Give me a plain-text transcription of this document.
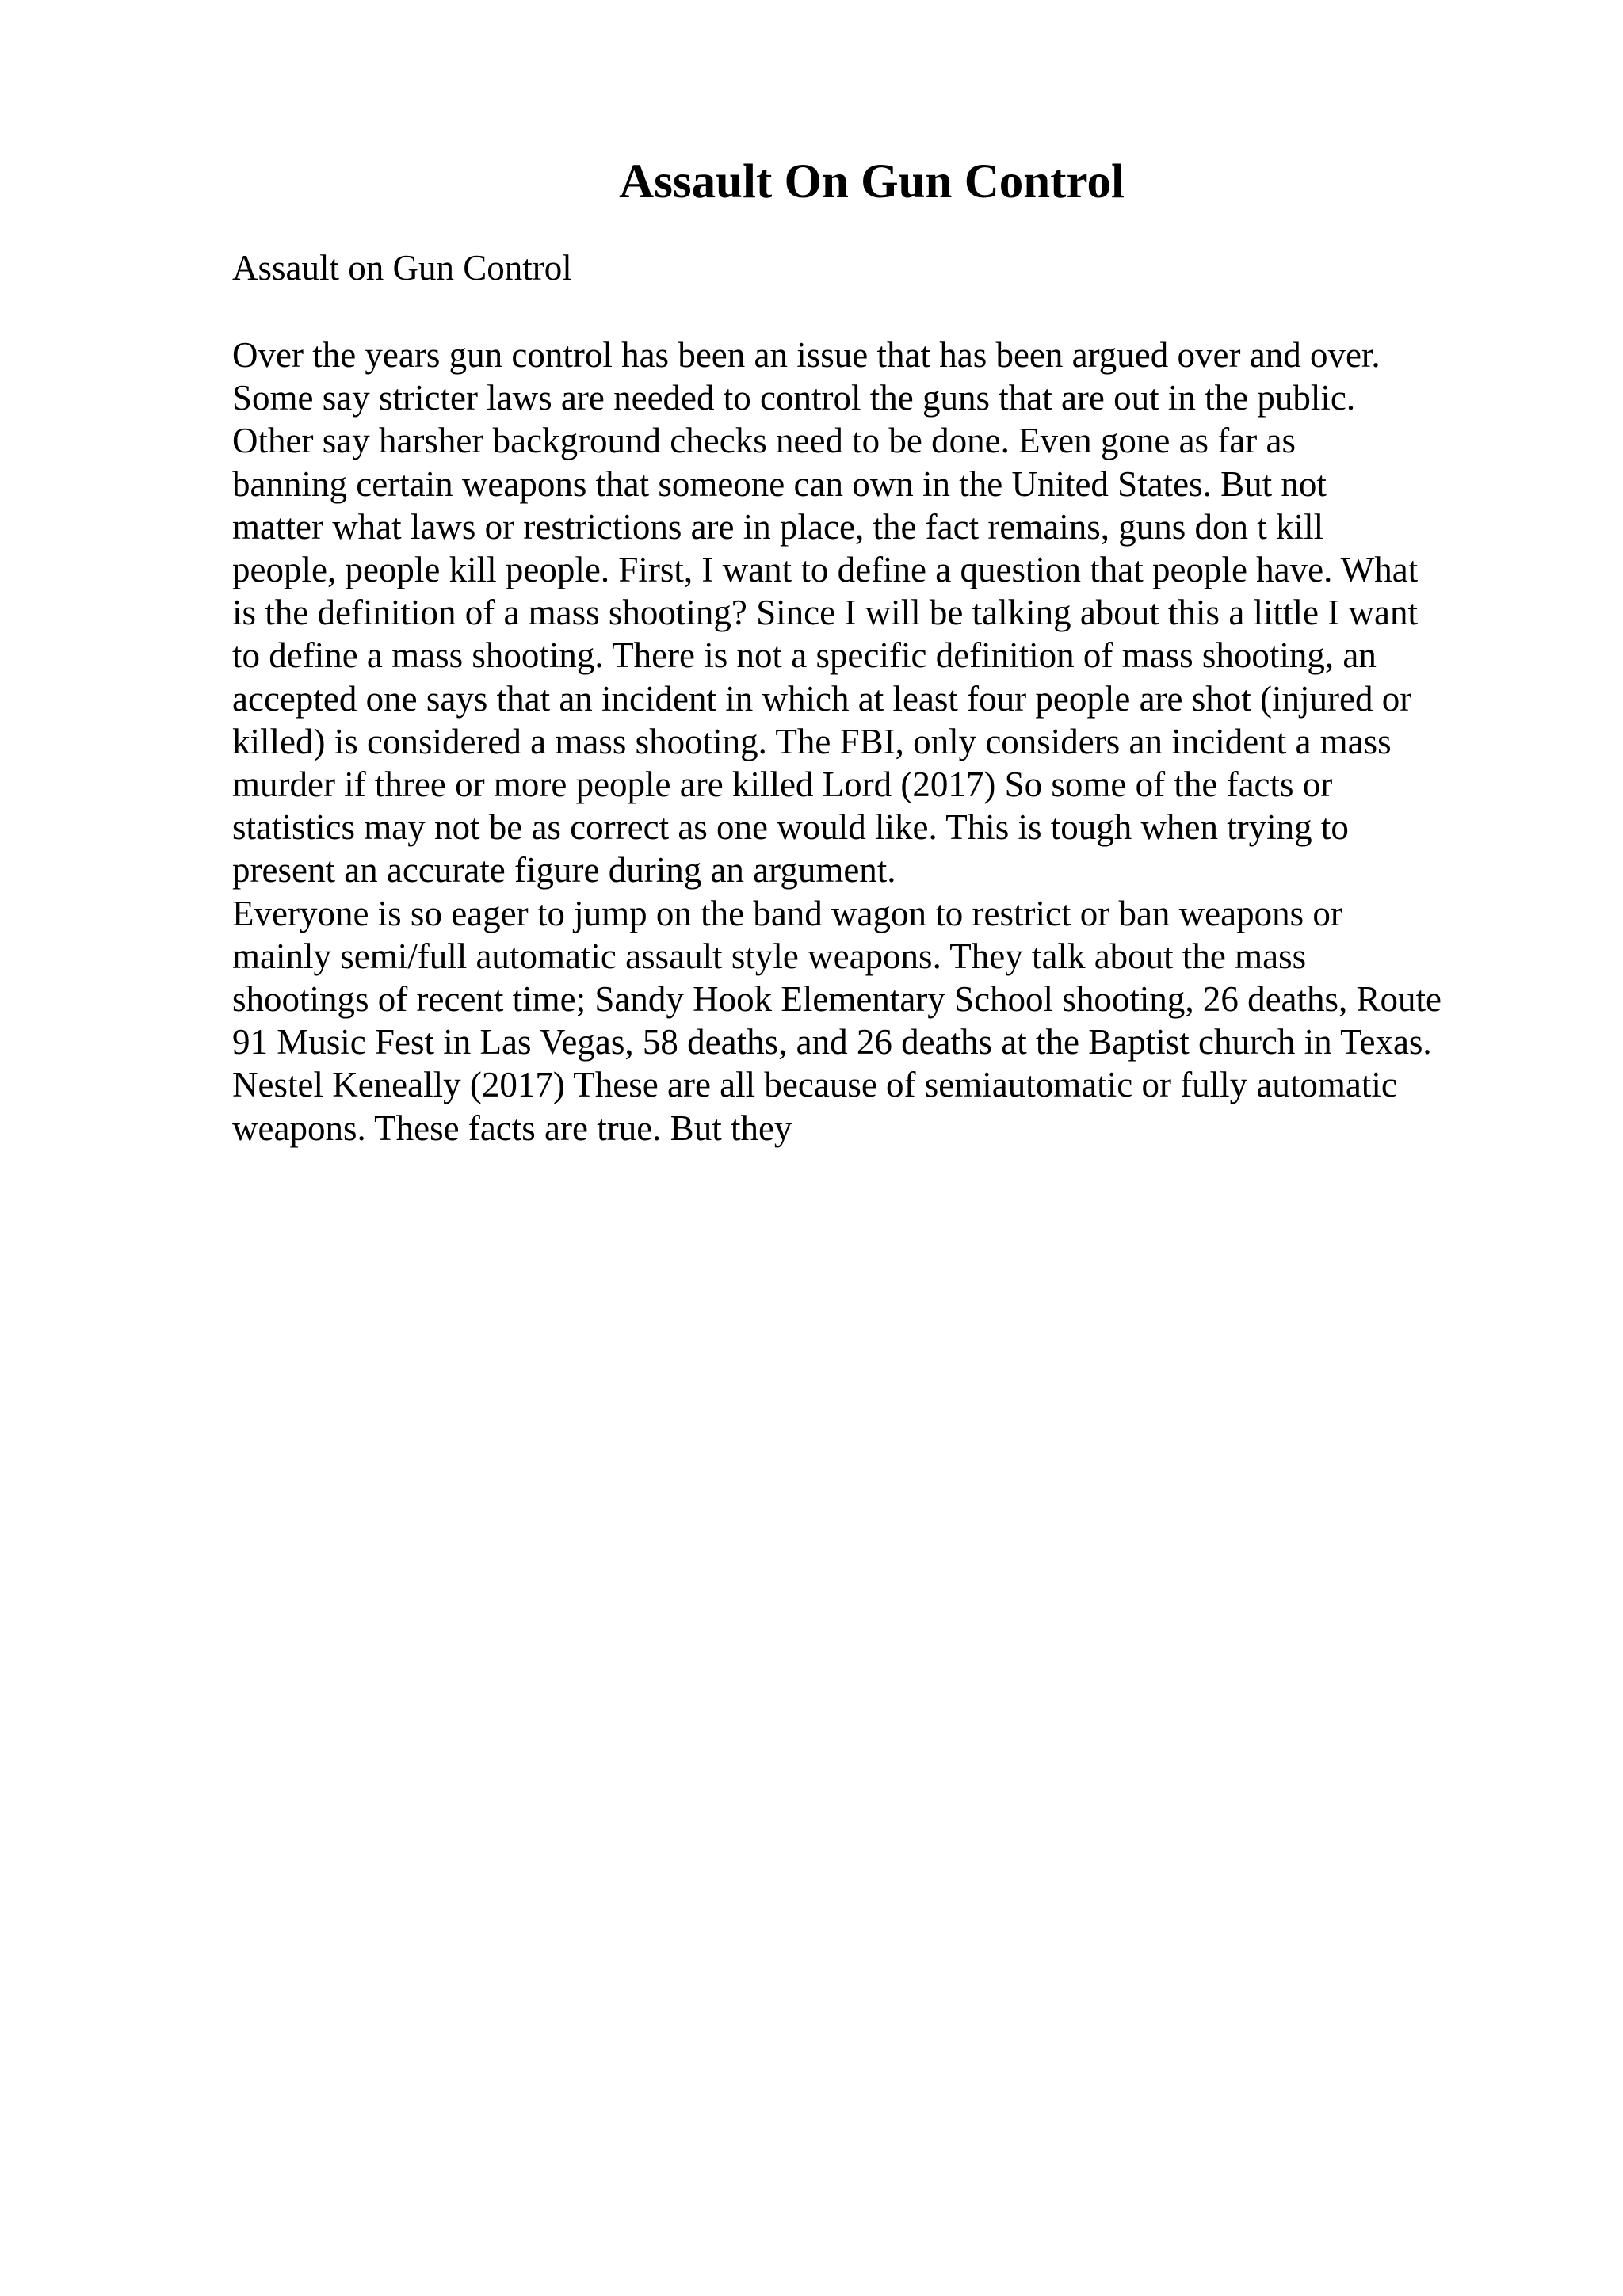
Assault On Gun Control
Assault on Gun Control
Over the years gun control has been an issue that has been argued over and over.
Some say stricter laws are needed to control the guns that are out in the public.
Other say harsher background checks need to be done. Even gone as far as
banning certain weapons that someone can own in the United States. But not
matter what laws or restrictions are in place, the fact remains, guns don t kill
people, people kill people. First, I want to define a question that people have. What
is the definition of a mass shooting? Since I will be talking about this a little I want
to define a mass shooting. There is not a specific definition of mass shooting, an
accepted one says that an incident in which at least four people are shot (injured or
killed) is considered a mass shooting. The FBI, only considers an incident a mass
murder if three or more people are killed Lord (2017) So some of the facts or
statistics may not be as correct as one would like. This is tough when trying to
present an accurate figure during an argument.
Everyone is so eager to jump on the band wagon to restrict or ban weapons or
mainly semi/full automatic assault style weapons. They talk about the mass
shootings of recent time; Sandy Hook Elementary School shooting, 26 deaths, Route
91 Music Fest in Las Vegas, 58 deaths, and 26 deaths at the Baptist church in Texas.
Nestel Keneally (2017) These are all because of semiautomatic or fully automatic
weapons. These facts are true. But they
